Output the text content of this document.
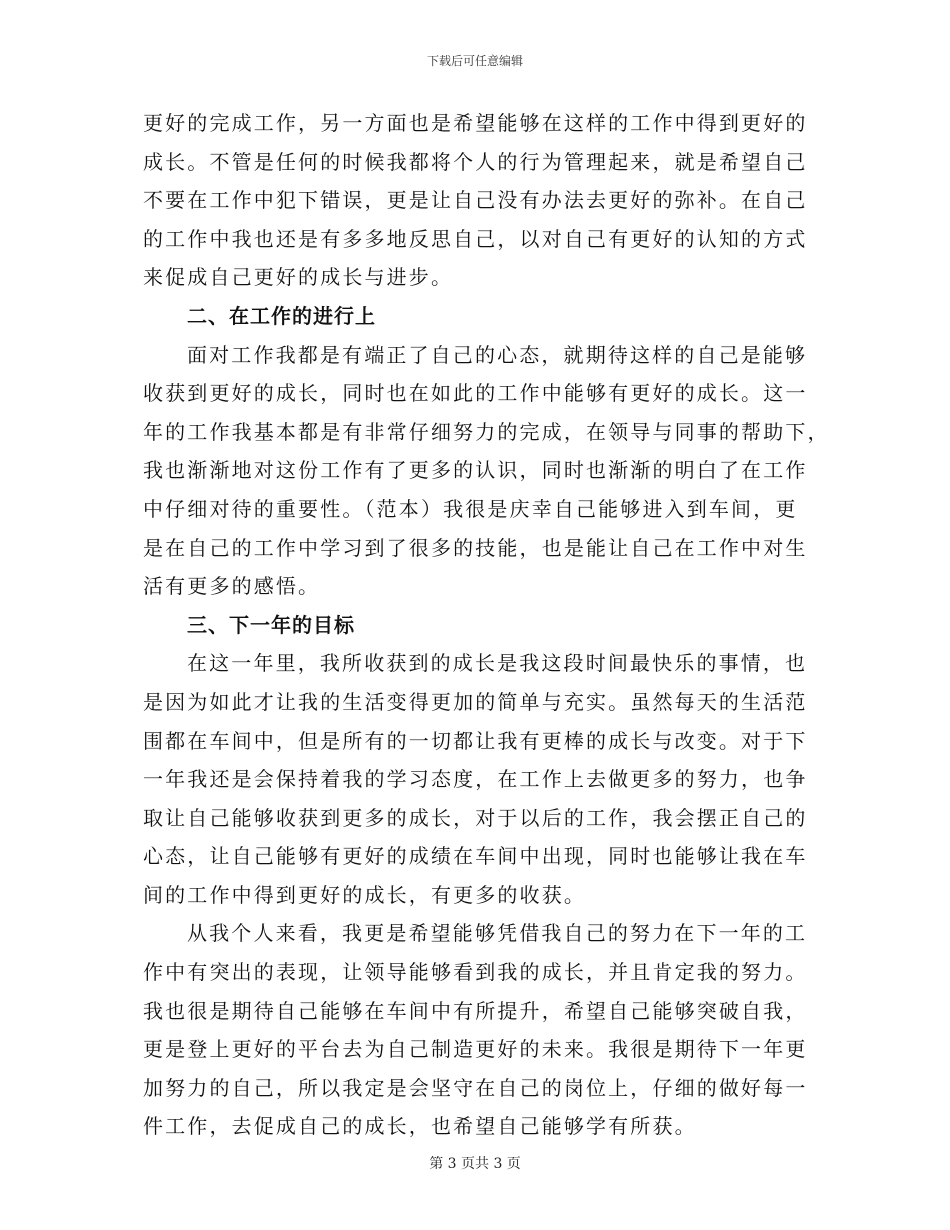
下载后可任意编辑
更好的完成工作，另一方面也是希望能够在这样的工作中得到更好的
成长。不管是任何的时候我都将个人的行为管理起来，就是希望自己
不要在工作中犯下错误，更是让自己没有办法去更好的弥补。在自己
的工作中我也还是有多多地反思自己，以对自己有更好的认知的方式
来促成自己更好的成长与进步。
二、在工作的进行上
面对工作我都是有端正了自己的心态，就期待这样的自己是能够
收获到更好的成长，同时也在如此的工作中能够有更好的成长。这一
年的工作我基本都是有非常仔细努力的完成，在领导与同事的帮助下，
我也渐渐地对这份工作有了更多的认识，同时也渐渐的明白了在工作
中仔细对待的重要性。（范本）我很是庆幸自己能够进入到车间，更
是在自己的工作中学习到了很多的技能，也是能让自己在工作中对生
活有更多的感悟。
三、下一年的目标
在这一年里，我所收获到的成长是我这段时间最快乐的事情，也
是因为如此才让我的生活变得更加的简单与充实。虽然每天的生活范
围都在车间中，但是所有的一切都让我有更棒的成长与改变。对于下
一年我还是会保持着我的学习态度，在工作上去做更多的努力，也争
取让自己能够收获到更多的成长，对于以后的工作，我会摆正自己的
心态，让自己能够有更好的成绩在车间中出现，同时也能够让我在车
间的工作中得到更好的成长，有更多的收获。
从我个人来看，我更是希望能够凭借我自己的努力在下一年的工
作中有突出的表现，让领导能够看到我的成长，并且肯定我的努力。
我也很是期待自己能够在车间中有所提升，希望自己能够突破自我，
更是登上更好的平台去为自己制造更好的未来。我很是期待下一年更
加努力的自己，所以我定是会坚守在自己的岗位上，仔细的做好每一
件工作，去促成自己的成长，也希望自己能够学有所获。
第 3 页共 3 页
